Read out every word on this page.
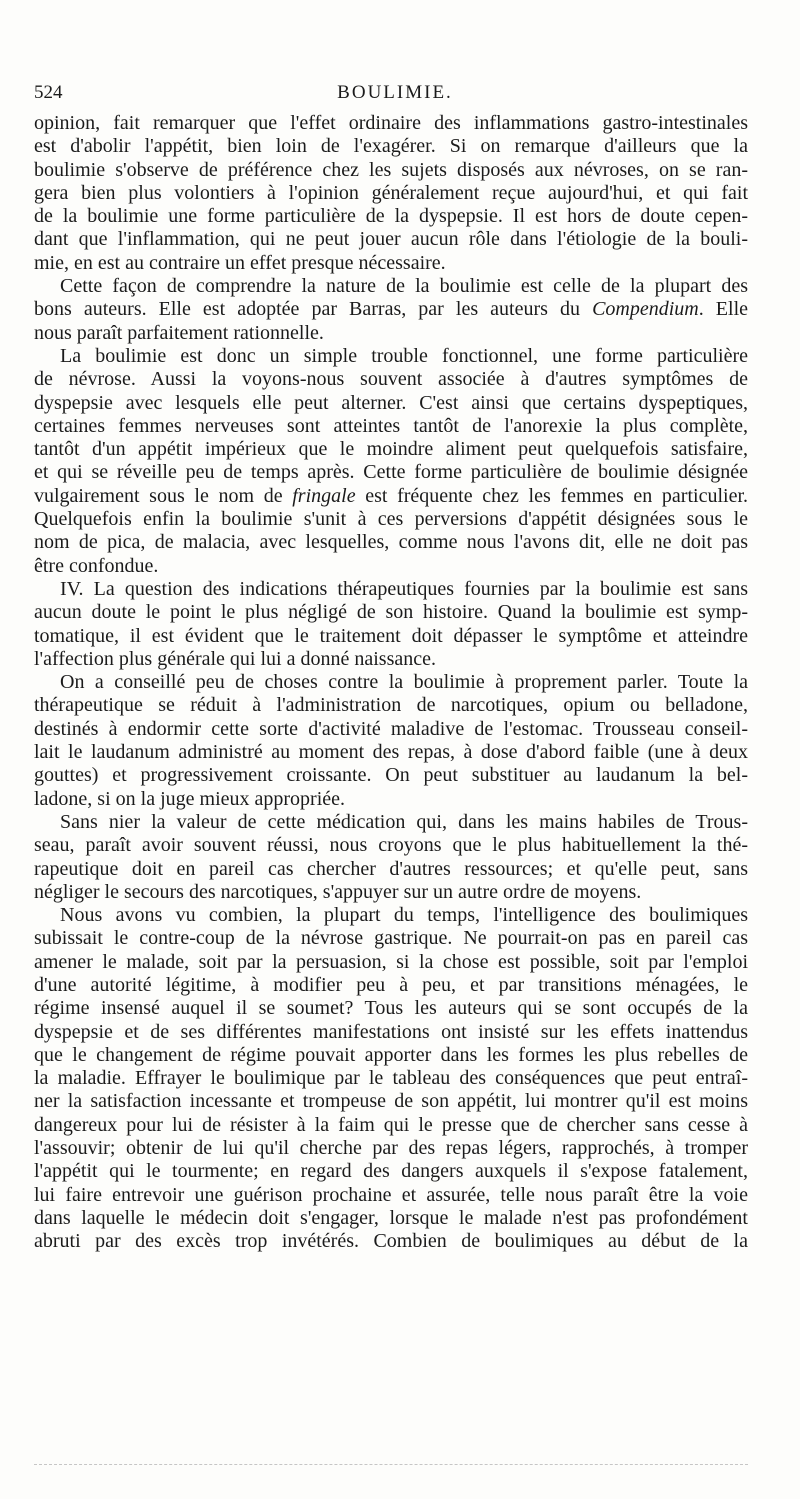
524	BOULIMIE.
opinion, fait remarquer que l'effet ordinaire des inflammations gastro-intestinales
est d'abolir l'appétit, bien loin de l'exagérer. Si on remarque d'ailleurs que la
boulimie s'observe de préférence chez les sujets disposés aux névroses, on se ran-
gera bien plus volontiers à l'opinion généralement reçue aujourd'hui, et qui fait
de la boulimie une forme particulière de la dyspepsie. Il est hors de doute cepen-
dant que l'inflammation, qui ne peut jouer aucun rôle dans l'étiologie de la bouli-
mie, en est au contraire un effet presque nécessaire.
Cette façon de comprendre la nature de la boulimie est celle de la plupart des
bons auteurs. Elle est adoptée par Barras, par les auteurs du Compendium. Elle
nous paraît parfaitement rationnelle.
La boulimie est donc un simple trouble fonctionnel, une forme particulière
de névrose. Aussi la voyons-nous souvent associée à d'autres symptômes de
dyspepsie avec lesquels elle peut alterner. C'est ainsi que certains dyspeptiques,
certaines femmes nerveuses sont atteintes tantôt de l'anorexie la plus complète,
tantôt d'un appétit impérieux que le moindre aliment peut quelquefois satisfaire,
et qui se réveille peu de temps après. Cette forme particulière de boulimie désignée
vulgairement sous le nom de fringale est fréquente chez les femmes en particulier.
Quelquefois enfin la boulimie s'unit à ces perversions d'appétit désignées sous le
nom de pica, de malacia, avec lesquelles, comme nous l'avons dit, elle ne doit pas
être confondue.
IV. La question des indications thérapeutiques fournies par la boulimie est sans
aucun doute le point le plus négligé de son histoire. Quand la boulimie est symp-
tomatique, il est évident que le traitement doit dépasser le symptôme et atteindre
l'affection plus générale qui lui a donné naissance.
On a conseillé peu de choses contre la boulimie à proprement parler. Toute la
thérapeutique se réduit à l'administration de narcotiques, opium ou belladone,
destinés à endormir cette sorte d'activité maladive de l'estomac. Trousseau conseil-
lait le laudanum administré au moment des repas, à dose d'abord faible (une à deux
gouttes) et progressivement croissante. On peut substituer au laudanum la bel-
ladone, si on la juge mieux appropriée.
Sans nier la valeur de cette médication qui, dans les mains habiles de Trous-
seau, paraît avoir souvent réussi, nous croyons que le plus habituellement la thé-
rapeutique doit en pareil cas chercher d'autres ressources; et qu'elle peut, sans
négliger le secours des narcotiques, s'appuyer sur un autre ordre de moyens.
Nous avons vu combien, la plupart du temps, l'intelligence des boulimiques
subissait le contre-coup de la névrose gastrique. Ne pourrait-on pas en pareil cas
amener le malade, soit par la persuasion, si la chose est possible, soit par l'emploi
d'une autorité légitime, à modifier peu à peu, et par transitions ménagées, le
régime insensé auquel il se soumet? Tous les auteurs qui se sont occupés de la
dyspepsie et de ses différentes manifestations ont insisté sur les effets inattendus
que le changement de régime pouvait apporter dans les formes les plus rebelles de
la maladie. Effrayer le boulimique par le tableau des conséquences que peut entraî-
ner la satisfaction incessante et trompeuse de son appétit, lui montrer qu'il est moins
dangereux pour lui de résister à la faim qui le presse que de chercher sans cesse à
l'assouvir; obtenir de lui qu'il cherche par des repas légers, rapprochés, à tromper
l'appétit qui le tourmente; en regard des dangers auxquels il s'expose fatalement,
lui faire entrevoir une guérison prochaine et assurée, telle nous paraît être la voie
dans laquelle le médecin doit s'engager, lorsque le malade n'est pas profondément
abruti par des excès trop invétérés. Combien de boulimiques au début de la
